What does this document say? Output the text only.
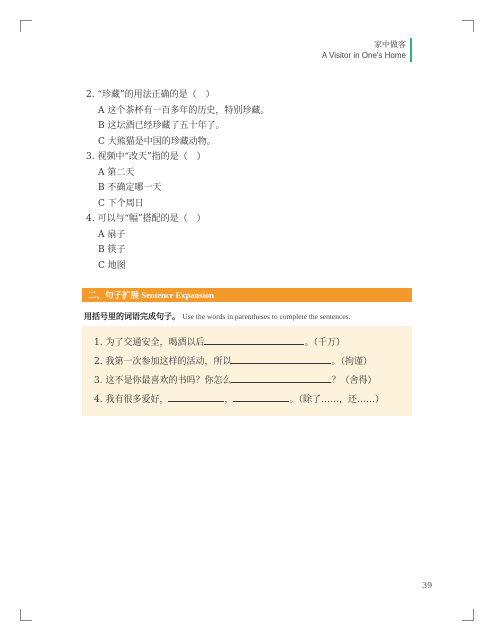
家中做客
A Visitor in One's Home

2. “珍藏”的用法正确的是（　）

A 这个茶杯有一百多年的历史，特别珍藏。

B 这坛酒已经珍藏了五十年了。

C 大熊猫是中国的珍藏动物。

3. 视频中“改天”指的是（　）

A 第二天

B 不确定哪一天

C 下个周日

4. 可以与“幅”搭配的是（　）

A 扇子

B 筷子

C 地图

二、句子扩展 Sentence Expansion
用括号里的词语完成句子。 Use the words in parentheses to complete the sentences.
1. 为了交通安全，喝酒以后	。（千万）
2. 我第一次参加这样的活动，所以	。（拘谨）
3. 这不是你最喜欢的书吗？你怎么	？（舍得）
4. 我有很多爱好，	，	。（除了……，还……）
39
